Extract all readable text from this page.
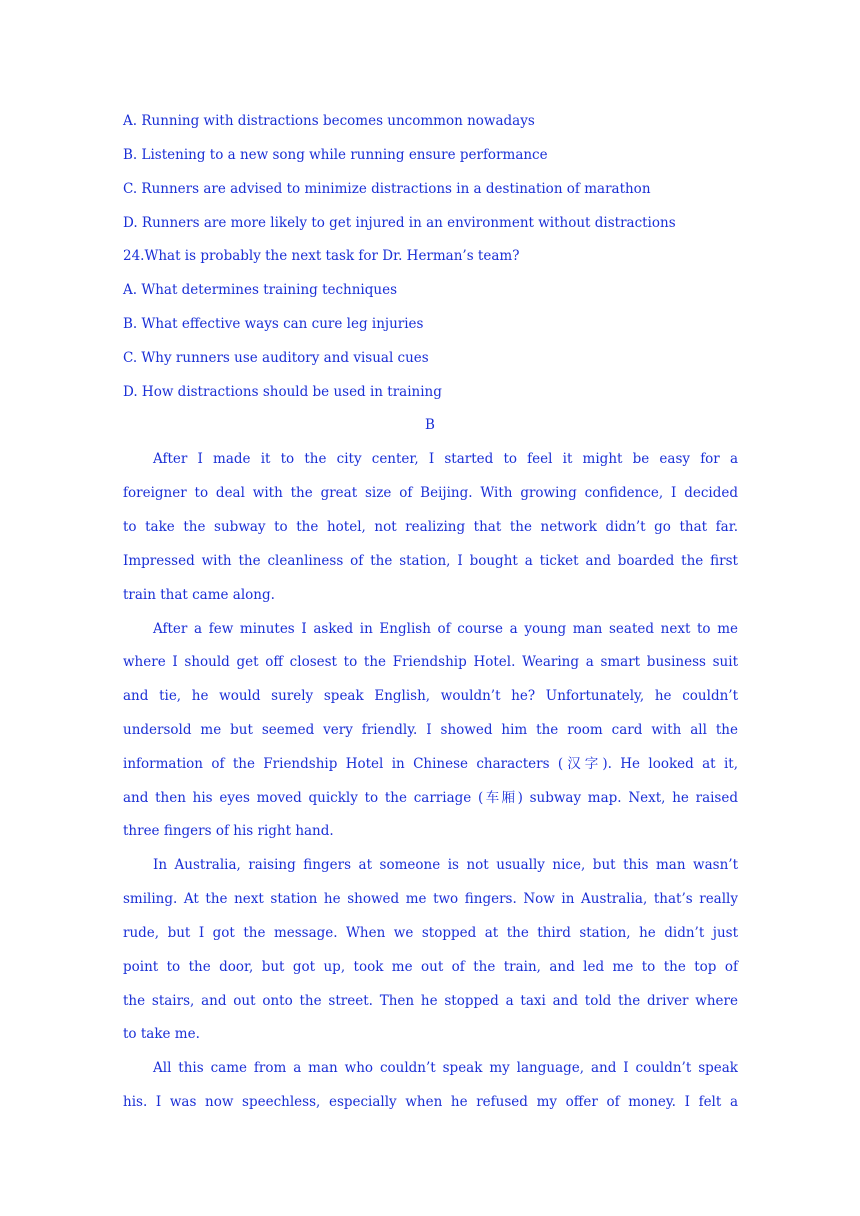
A. Running with distractions becomes uncommon nowadays
B. Listening to a new song while running ensure performance
C. Runners are advised to minimize distractions in a destination of marathon
D. Runners are more likely to get injured in an environment without distractions
24.What is probably the next task for Dr. Herman’s team?
A. What determines training techniques
B. What effective ways can cure leg injuries
C. Why runners use auditory and visual cues
D. How distractions should be used in training
B
After I made it to the city center, I started to feel it might be easy for a
foreigner to deal with the great size of Beijing. With growing confidence, I decided
to take the subway to the hotel, not realizing that the network didn’t go that far.
Impressed with the cleanliness of the station, I bought a ticket and boarded the first
train that came along.
After a few minutes I asked in English of course a young man seated next to me
where I should get off closest to the Friendship Hotel. Wearing a smart business suit
and tie, he would surely speak English, wouldn’t he? Unfortunately, he couldn’t
undersold me but seemed very friendly. I showed him the room card with all the
information of the Friendship Hotel in Chinese characters (汉字). He looked at it,
and then his eyes moved quickly to the carriage (车厢) subway map. Next, he raised
three fingers of his right hand.
In Australia, raising fingers at someone is not usually nice, but this man wasn’t
smiling. At the next station he showed me two fingers. Now in Australia, that’s really
rude, but I got the message. When we stopped at the third station, he didn’t just
point to the door, but got up, took me out of the train, and led me to the top of
the stairs, and out onto the street. Then he stopped a taxi and told the driver where
to take me.
All this came from a man who couldn’t speak my language, and I couldn’t speak
his. I was now speechless, especially when he refused my offer of money. I felt a
